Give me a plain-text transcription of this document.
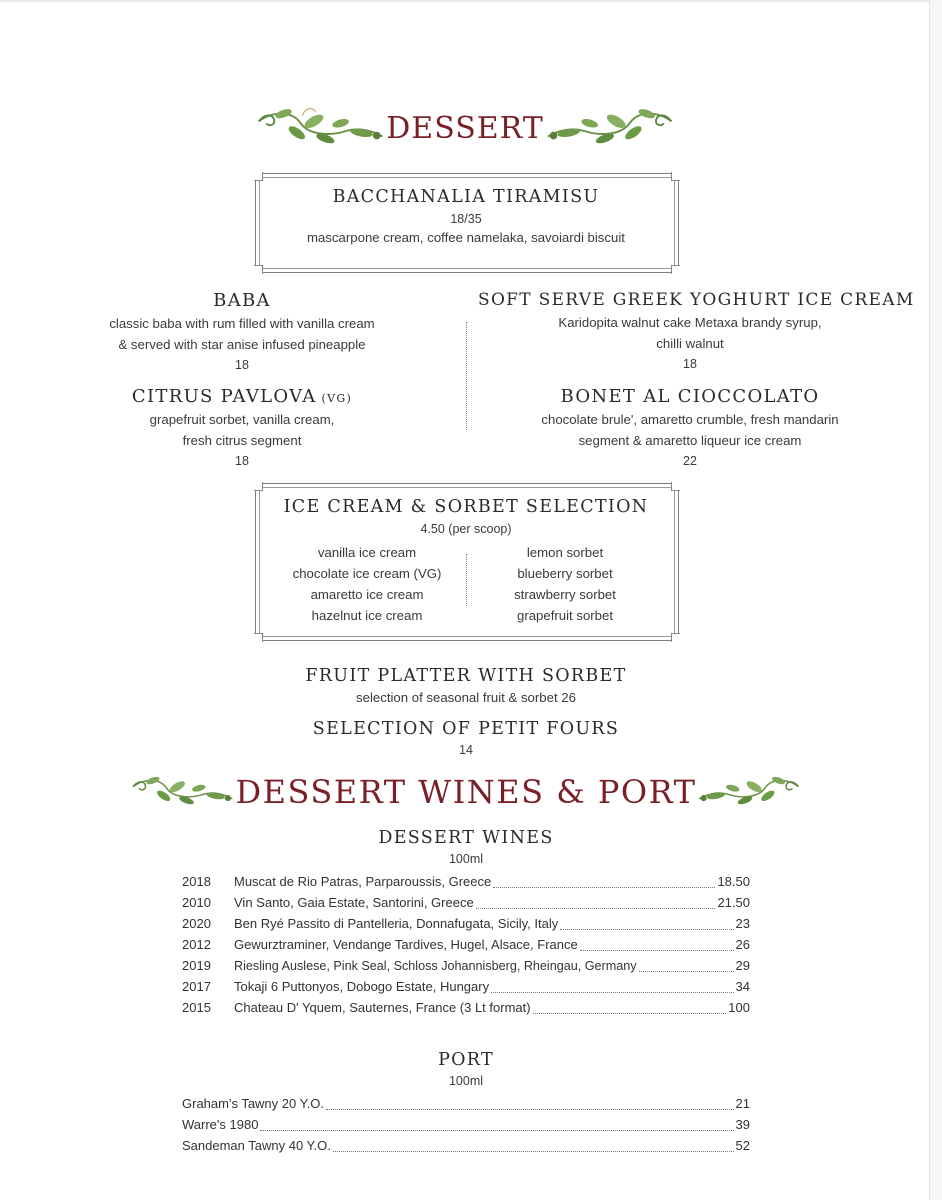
DESSERT
BACCHANALIA TIRAMISU
18/35
mascarpone cream, coffee namelaka, savoiardi biscuit
BABA
classic baba with rum filled with vanilla cream
& served with star anise infused pineapple
18
CITRUS PAVLOVA (VG)
grapefruit sorbet, vanilla cream,
fresh citrus segment
18
SOFT SERVE GREEK YOGHURT ICE CREAM
Karidopita walnut cake Metaxa brandy syrup,
chilli walnut
18
BONET AL CIOCCOLATO
chocolate brule', amaretto crumble, fresh mandarin
segment & amaretto liqueur ice cream
22
ICE CREAM & SORBET SELECTION
4.50 (per scoop)
vanilla ice cream
chocolate ice cream (VG)
amaretto ice cream
hazelnut ice cream
lemon sorbet
blueberry sorbet
strawberry sorbet
grapefruit sorbet
FRUIT PLATTER WITH SORBET
selection of seasonal fruit & sorbet 26
SELECTION OF PETIT FOURS
14
DESSERT WINES & PORT
DESSERT WINES
100ml
2018	Muscat de Rio Patras, Parparoussis, Greece	18.50
2010	Vin Santo, Gaia Estate, Santorini, Greece	21.50
2020	Ben Ryé Passito di Pantelleria, Donnafugata, Sicily, Italy	23
2012	Gewurztraminer, Vendange Tardives, Hugel, Alsace, France	26
2019	Riesling Auslese, Pink Seal, Schloss Johannisberg, Rheingau, Germany	29
2017	Tokaji 6 Puttonyos, Dobogo Estate, Hungary	34
2015	Chateau D' Yquem, Sauternes, France (3 Lt format)	100
PORT
100ml
Graham's Tawny 20 Y.O.	21
Warre's 1980	39
Sandeman Tawny 40 Y.O.	52
